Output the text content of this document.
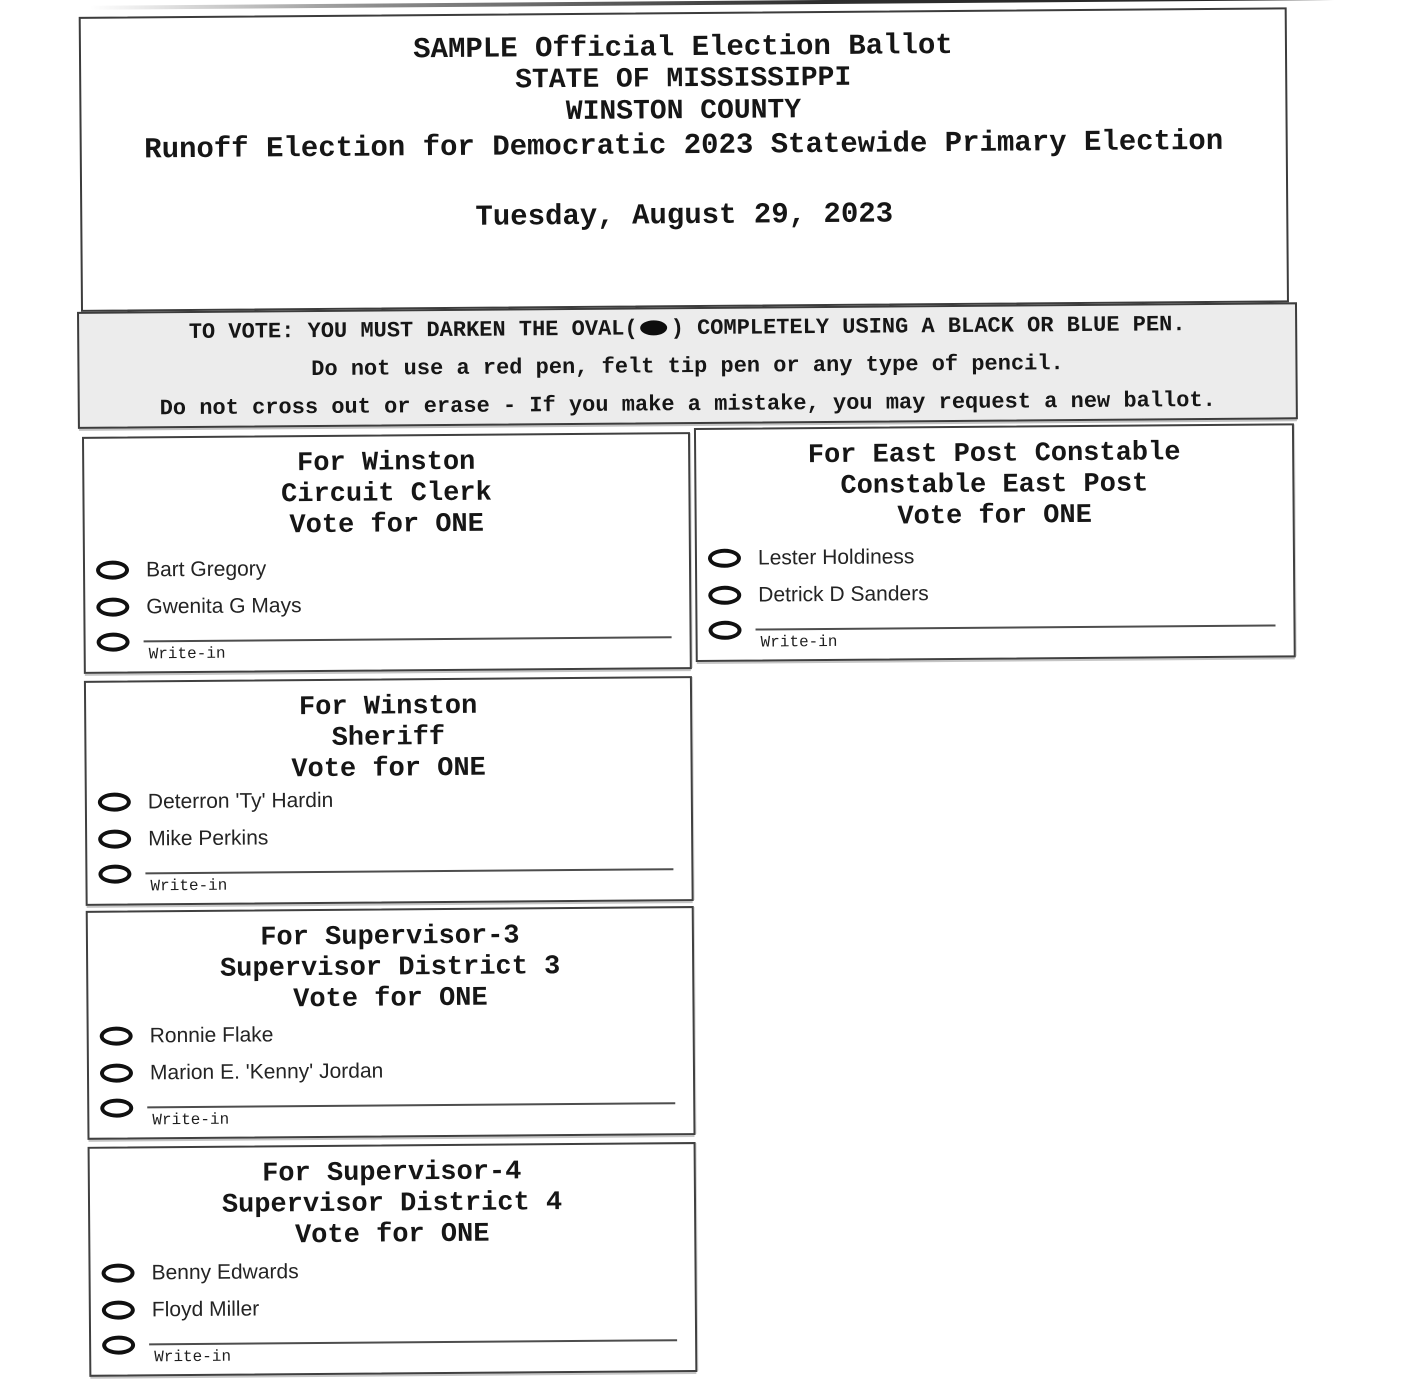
SAMPLE Official Election Ballot
STATE OF MISSISSIPPI
WINSTON COUNTY
Runoff Election for Democratic 2023 Statewide Primary Election
Tuesday, August 29, 2023
TO VOTE: YOU MUST DARKEN THE OVAL( ) COMPLETELY USING A BLACK OR BLUE PEN.
Do not use a red pen, felt tip pen or any type of pencil.
Do not cross out or erase - If you make a mistake, you may request a new ballot.
For Winston
Circuit Clerk
Vote for ONE
Bart Gregory
Gwenita G Mays
Write-in
For Winston
Sheriff
Vote for ONE
Deterron 'Ty' Hardin
Mike Perkins
Write-in
For Supervisor-3
Supervisor District 3
Vote for ONE
Ronnie Flake
Marion E. 'Kenny' Jordan
Write-in
For Supervisor-4
Supervisor District 4
Vote for ONE
Benny Edwards
Floyd Miller
Write-in
For East Post Constable
Constable East Post
Vote for ONE
Lester Holdiness
Detrick D Sanders
Write-in
